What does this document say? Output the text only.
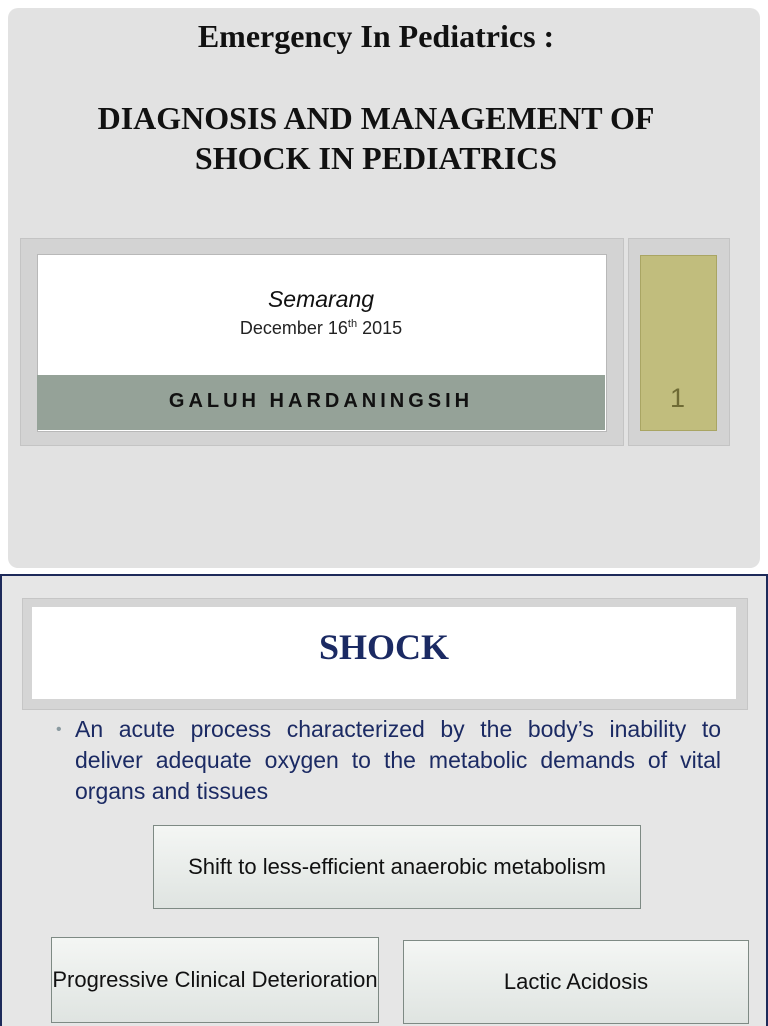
Emergency In Pediatrics :
DIAGNOSIS AND MANAGEMENT OF
SHOCK IN PEDIATRICS
Semarang
December 16th 2015
GALUH HARDANINGSIH	1
SHOCK
• An acute process characterized by the body’s inability to deliver adequate oxygen to the metabolic demands of vital organs and tissues
Shift to less-efficient anaerobic metabolism
Progressive Clinical Deterioration	Lactic Acidosis
